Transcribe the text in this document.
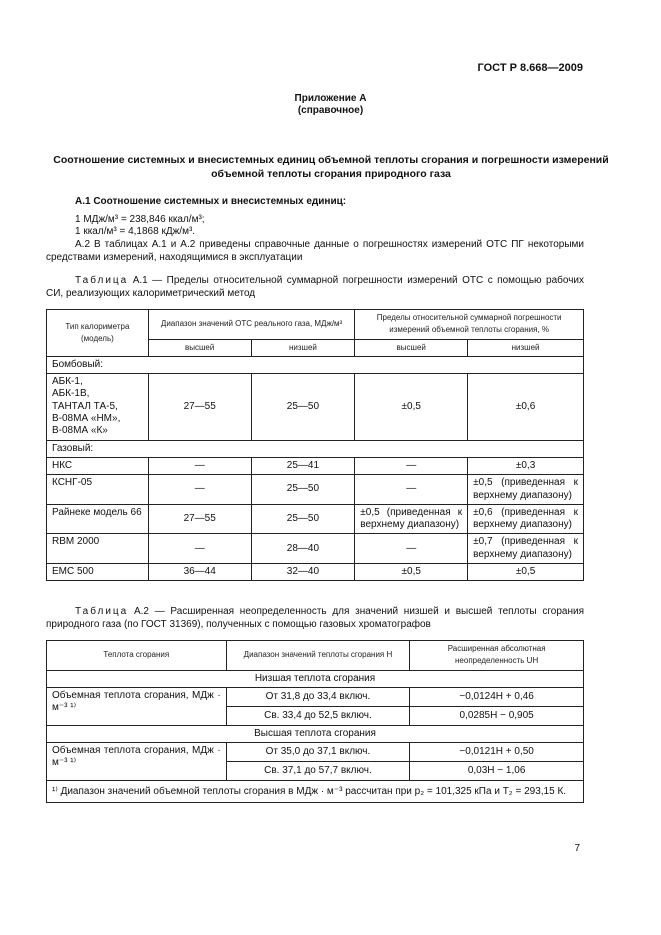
ГОСТ Р 8.668—2009
Приложение А
(справочное)
Соотношение системных и внесистемных единиц объемной теплоты сгорания и погрешности измерений объемной теплоты сгорания природного газа
А.1 Соотношение системных и внесистемных единиц:
1 МДж/м³ = 238,846 ккал/м³;
1 ккал/м³ = 4,1868 кДж/м³.
А.2 В таблицах А.1 и А.2 приведены справочные данные о погрешностях измерений ОТС ПГ некоторыми средствами измерений, находящимися в эксплуатации
Таблица А.1 — Пределы относительной суммарной погрешности измерений ОТС с помощью рабочих СИ, реализующих калориметрический метод
Тип калориметра (модель)	Диапазон значений ОТС реального газа, МДж/м³		Пределы относительной суммарной погрешности измерений объемной теплоты сгорания, %	
	высшей	низшей	высшей	низшей
Бомбовый:				
АБК-1,
АБК-1В,
ТАНТАЛ ТА-5,
В-08МА «НМ»,
В-08МА «К»	27—55	25—50	±0,5	±0,6
Газовый:				
НКС	—	25—41	—	±0,3
КСНГ-05	—	25—50	—	±0,5 (приведенная к верхнему диапазону)
Райнеке модель 66	27—55	25—50	±0,5 (приведенная к верхнему диапазону)	±0,6 (приведенная к верхнему диапазону)
RBM 2000	—	28—40	—	±0,7 (приведенная к верхнему диапазону)
EMC 500	36—44	32—40	±0,5	±0,5
Таблица А.2 — Расширенная неопределенность для значений низшей и высшей теплоты сгорания природного газа (по ГОСТ 31369), полученных с помощью газовых хроматографов
Теплота сгорания	Диапазон значений теплоты сгорания H	Расширенная абсолютная неопределенность UH
Низшая теплота сгорания		
Объемная теплота сгорания, МДж · м⁻³ ¹⁾	От 31,8 до 33,4 включ.	−0,0124H + 0,46
	Св. 33,4 до 52,5 включ.	0,0285H − 0,905
Высшая теплота сгорания		
Объемная теплота сгорания, МДж · м⁻³ ¹⁾	От 35,0 до 37,1 включ.	−0,0121H + 0,50
	Св. 37,1 до 57,7 включ.	0,03H − 1,06
¹⁾ Диапазон значений объемной теплоты сгорания в МДж · м⁻³ рассчитан при p₂ = 101,325 кПа и T₂ = 293,15 К.		
7
